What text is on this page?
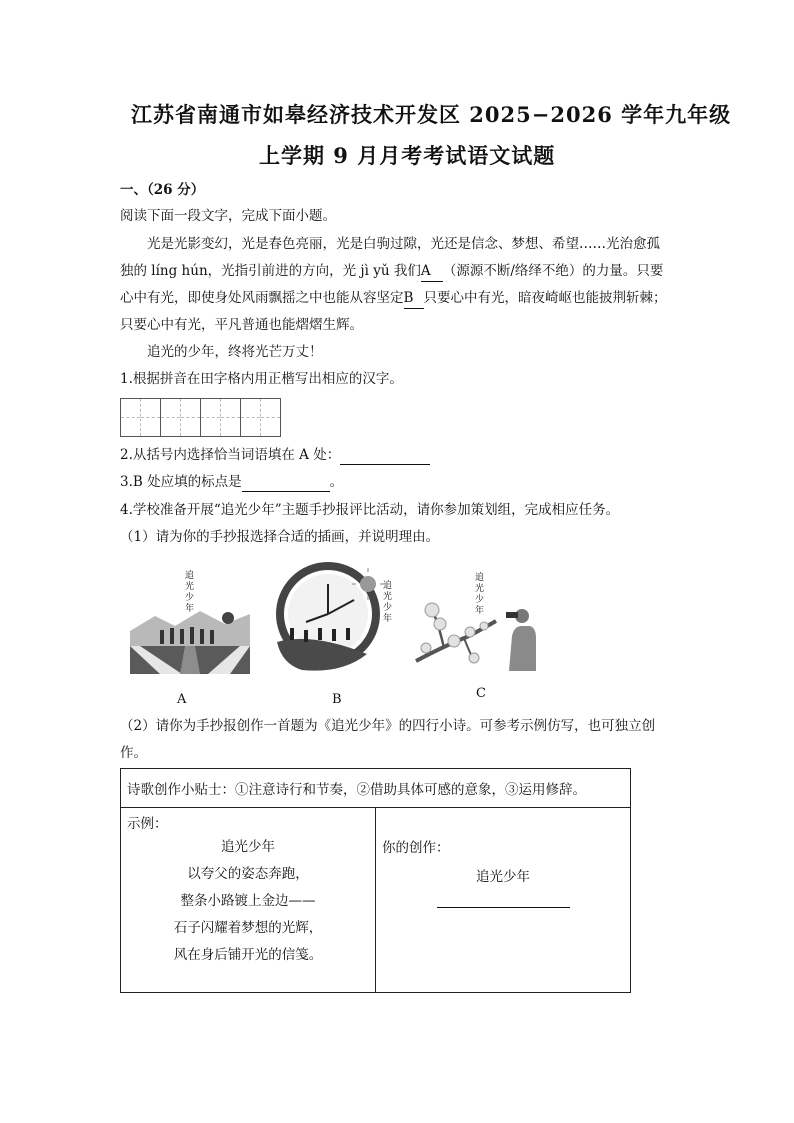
江苏省南通市如皋经济技术开发区 2025−2026 学年九年级
上学期 9 月月考考试语文试题
一、（26 分）
阅读下面一段文字，完成下面小题。
光是光影变幻，光是春色亮丽，光是白驹过隙，光还是信念、梦想、希望……光治愈孤
独的 líng hún，光指引前进的方向，光 jì yǔ 我们A （源源不断/络绎不绝）的力量。只要
心中有光，即使身处风雨飘摇之中也能从容坚定B 只要心中有光，暗夜崎岖也能披荆斩棘；
只要心中有光，平凡普通也能熠熠生辉。
追光的少年，终将光芒万丈！
1.根据拼音在田字格内用正楷写出相应的汉字。
2.从括号内选择恰当词语填在 A 处：
3.B 处应填的标点是	。
4.学校准备开展“追光少年”主题手抄报评比活动，请你参加策划组，完成相应任务。
（1）请为你的手抄报选择合适的插画，并说明理由。
追光少年
A
追光少年
B
追光少年
C
（2）请你为手抄报创作一首题为《追光少年》的四行小诗。可参考示例仿写，也可独立创
作。
诗歌创作小贴士：①注意诗行和节奏，②借助具体可感的意象，③运用修辞。

示例：
追光少年
以夸父的姿态奔跑，
整条小路镀上金边——
石子闪耀着梦想的光辉，
风在身后铺开光的信笺。

你的创作：
追光少年
